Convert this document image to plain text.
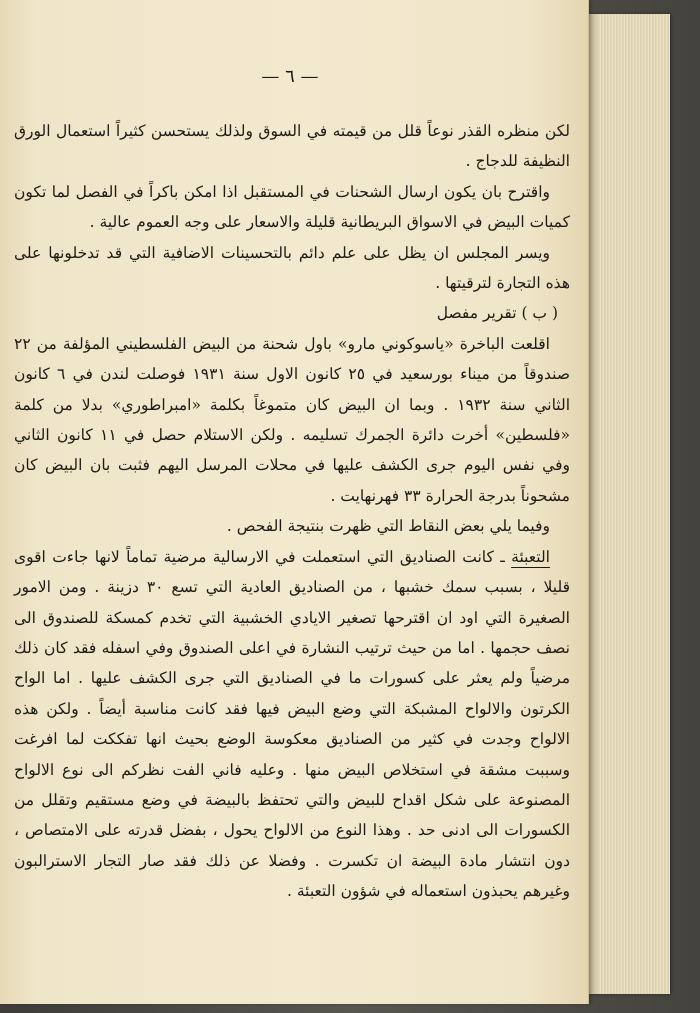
— ٦ —

لكن منظره القذر نوعاً قلل من قيمته في السوق ولذلك يستحسن كثيراً استعمال الورق النظيفة للدجاج .

واقترح بان يكون ارسال الشحنات في المستقبل اذا امكن باكراً في الفصل لما تكون كميات البيض في الاسواق البريطانية قليلة والاسعار على وجه العموم عالية .

ويسر المجلس ان يظل على علم دائم بالتحسينات الاضافية التي قد تدخلونها على هذه التجارة لترقيتها .

( ب ) تقرير مفصل

اقلعت الباخرة «ياسوكوني مارو» باول شحنة من البيض الفلسطيني المؤلفة من ٢٢ صندوقاً من ميناء بورسعيد في ٢٥ كانون الاول سنة ١٩٣١ فوصلت لندن في ٦ كانون الثاني سنة ١٩٣٢ . وبما ان البيض كان متموغاً بكلمة «امبراطوري» بدلا من كلمة «فلسطين» أخرت دائرة الجمرك تسليمه . ولكن الاستلام حصل في ١١ كانون الثاني وفي نفس اليوم جرى الكشف عليها في محلات المرسل اليهم فثبت بان البيض كان مشحوناً بدرجة الحرارة ٣٣ فهرنهايت .

وفيما يلي بعض النقاط التي ظهرت بنتيجة الفحص .

التعبئة ـ كانت الصناديق التي استعملت في الارسالية مرضية تماماً لانها جاءت اقوى قليلا ، بسبب سمك خشبها ، من الصناديق العادية التي تسع ٣٠ دزينة . ومن الامور الصغيرة التي اود ان اقترحها تصغير الايادي الخشبية التي تخدم كمسكة للصندوق الى نصف حجمها . اما من حيث ترتيب النشارة في اعلى الصندوق وفي اسفله فقد كان ذلك مرضياً ولم يعثر على كسورات ما في الصناديق التي جرى الكشف عليها . اما الواح الكرتون والالواح المشبكة التي وضع البيض فيها فقد كانت مناسبة أيضاً . ولكن هذه الالواح وجدت في كثير من الصناديق معكوسة الوضع بحيث انها تفككت لما افرغت وسببت مشقة في استخلاص البيض منها . وعليه فاني الفت نظركم الى نوع الالواح المصنوعة على شكل اقداح للبيض والتي تحتفظ بالبيضة في وضع مستقيم وتقلل من الكسورات الى ادنى حد . وهذا النوع من الالواح يحول ، بفضل قدرته على الامتصاص ، دون انتشار مادة البيضة ان تكسرت . وفضلا عن ذلك فقد صار التجار الاسترالبون وغيرهم يحبذون استعماله في شؤون التعبئة .
